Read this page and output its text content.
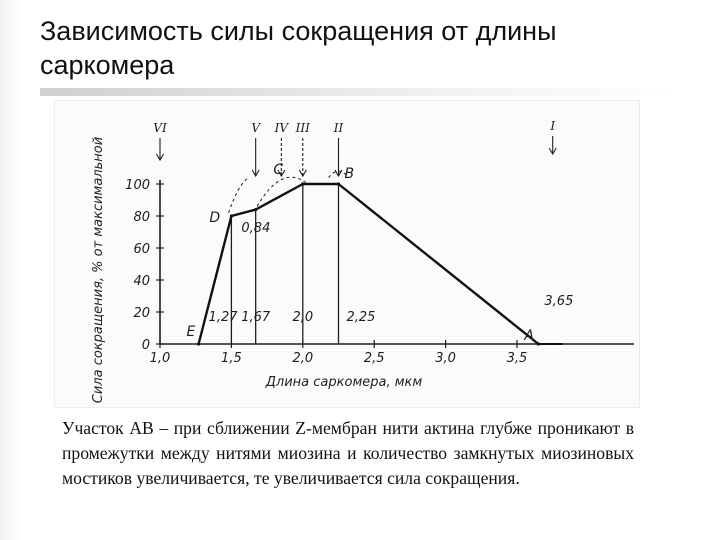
Зависимость силы сокращения от длины саркомера
0
20
40
60
80
100
1,0	1,5	2,0	2,5	3,0	3,5
VI	V IV III II	I
E
D
C	B
A
1,27 1,67 2,0	2,25
3,65
0,84
Сила сокращения, % от максимальной	Длина саркомера, мкм
Участок АВ – при сближении Z-мембран нити актина глубже проникают в промежутки между нитями миозина и количество замкнутых миозиновых мостиков увеличивается, те увеличивается сила сокращения.
